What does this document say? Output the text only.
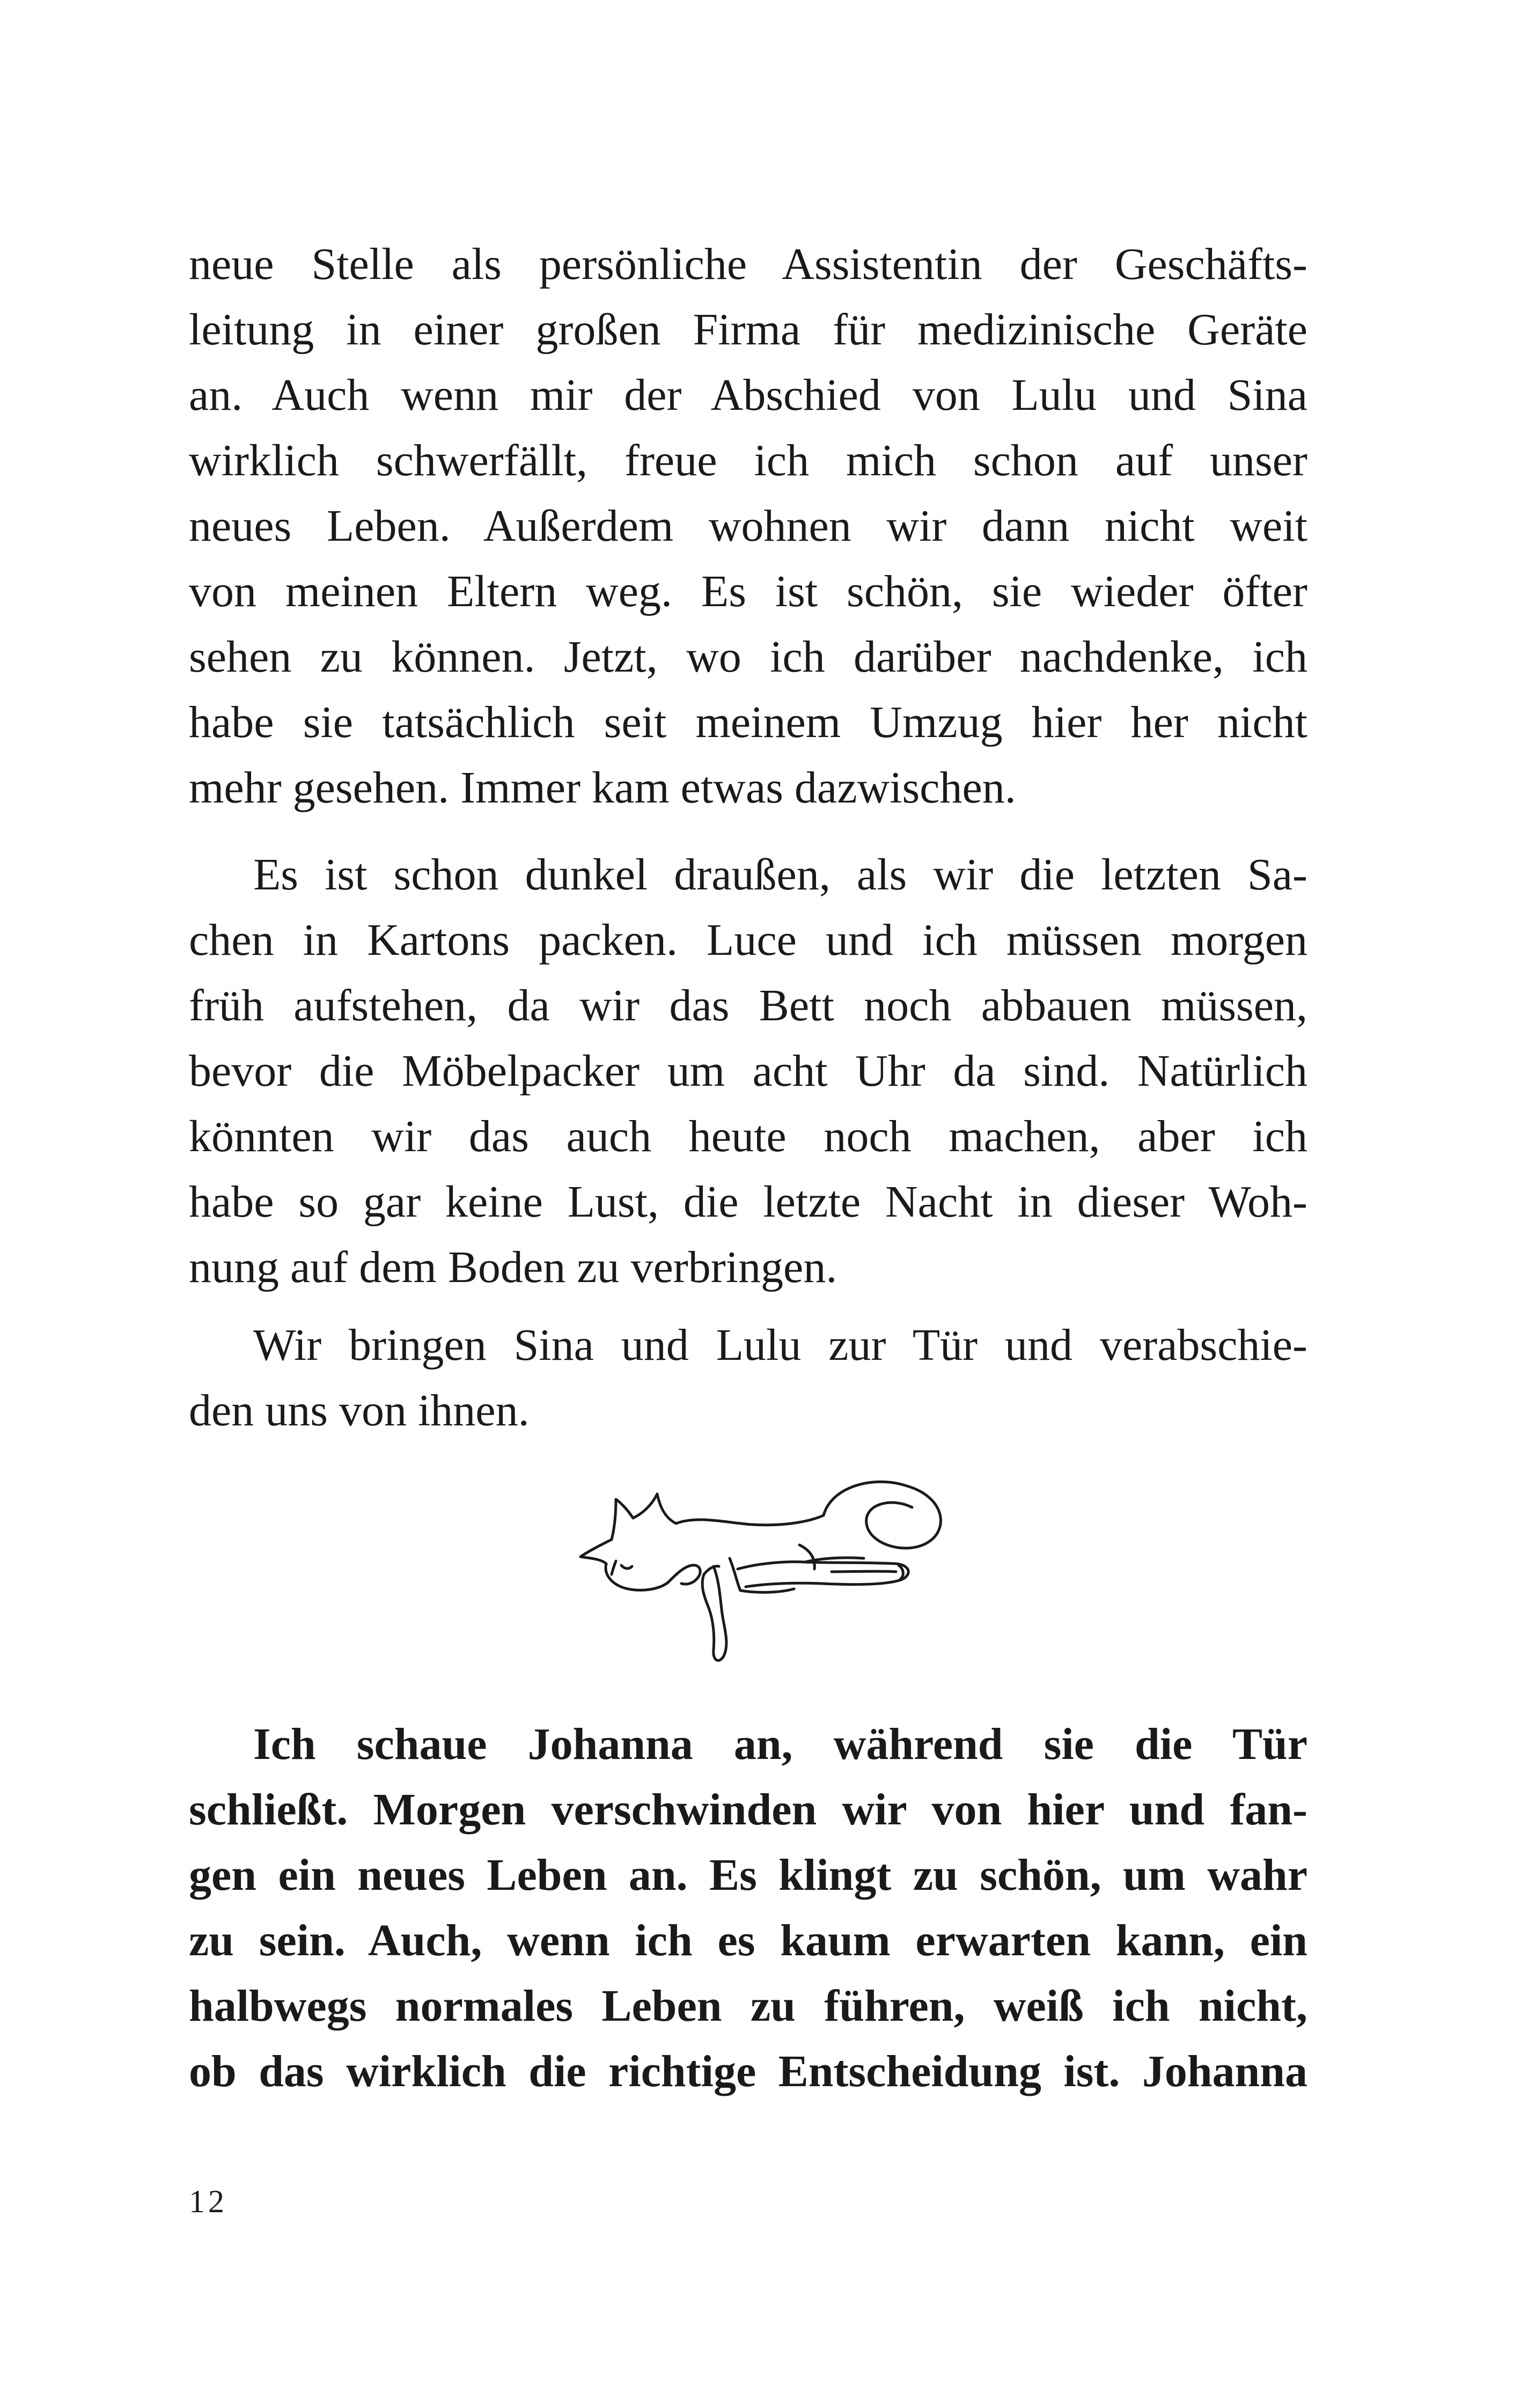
neue Stelle als persönliche Assistentin der Geschäfts-
leitung in einer großen Firma für medizinische Geräte
an. Auch wenn mir der Abschied von Lulu und Sina
wirklich schwerfällt, freue ich mich schon auf unser
neues Leben. Außerdem wohnen wir dann nicht weit
von meinen Eltern weg. Es ist schön, sie wieder öfter
sehen zu können. Jetzt, wo ich darüber nachdenke, ich
habe sie tatsächlich seit meinem Umzug hier her nicht
mehr gesehen. Immer kam etwas dazwischen.
Es ist schon dunkel draußen, als wir die letzten Sa-
chen in Kartons packen. Luce und ich müssen morgen
früh aufstehen, da wir das Bett noch abbauen müssen,
bevor die Möbelpacker um acht Uhr da sind. Natürlich
könnten wir das auch heute noch machen, aber ich
habe so gar keine Lust, die letzte Nacht in dieser Woh-
nung auf dem Boden zu verbringen.
Wir bringen Sina und Lulu zur Tür und verabschie-
den uns von ihnen.
Ich schaue Johanna an, während sie die Tür
schließt. Morgen verschwinden wir von hier und fan-
gen ein neues Leben an. Es klingt zu schön, um wahr
zu sein. Auch, wenn ich es kaum erwarten kann, ein
halbwegs normales Leben zu führen, weiß ich nicht,
ob das wirklich die richtige Entscheidung ist. Johanna
12
